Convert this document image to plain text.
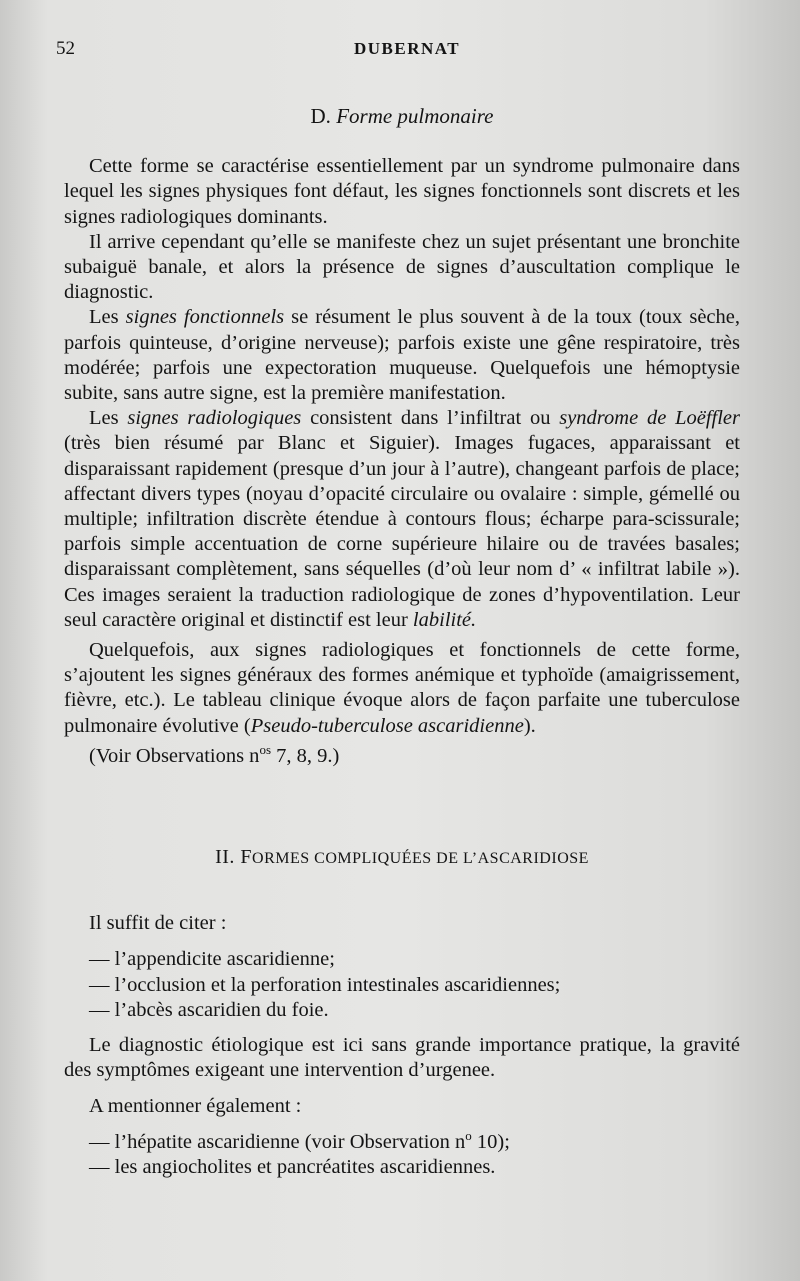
52	DUBERNAT
D. Forme pulmonaire

Cette forme se caractérise essentiellement par un syndrome pulmonaire dans lequel les signes physiques font défaut, les signes fonctionnels sont discrets et les signes radiologiques dominants.

Il arrive cependant qu’elle se manifeste chez un sujet présentant une bronchite subaiguë banale, et alors la présence de signes d’auscultation complique le diagnostic.

Les signes fonctionnels se résument le plus souvent à de la toux (toux sèche, parfois quinteuse, d’origine nerveuse); parfois existe une gêne respiratoire, très modérée; parfois une expectoration muqueuse. Quelquefois une hémoptysie subite, sans autre signe, est la première manifestation.

Les signes radiologiques consistent dans l’infiltrat ou syndrome de Loëffler (très bien résumé par Blanc et Siguier). Images fugaces, apparaissant et disparaissant rapidement (presque d’un jour à l’autre), changeant parfois de place; affectant divers types (noyau d’opacité circulaire ou ovalaire : simple, gémellé ou multiple; infiltration discrète étendue à contours flous; écharpe para-scissurale; parfois simple accentuation de corne supérieure hilaire ou de travées basales; disparaissant complètement, sans séquelles (d’où leur nom d’ « infiltrat labile »). Ces images seraient la traduction radiologique de zones d’hypoventilation. Leur seul caractère original et distinctif est leur labilité.

Quelquefois, aux signes radiologiques et fonctionnels de cette forme, s’ajoutent les signes généraux des formes anémique et typhoïde (amaigrissement, fièvre, etc.). Le tableau clinique évoque alors de façon parfaite une tuberculose pulmonaire évolutive (Pseudo-tuberculose ascaridienne).

(Voir Observations $n^{os}$ 7, 8, 9.)

II. FORMES COMPLIQUÉES DE L’ASCARIDIOSE

Il suffit de citer :

— l’appendicite ascaridienne;
— l’occlusion et la perforation intestinales ascaridiennes;
— l’abcès ascaridien du foie.

Le diagnostic étiologique est ici sans grande importance pratique, la gravité des symptômes exigeant une intervention d’urgenee.

A mentionner également :

— l’hépatite ascaridienne (voir Observation $n^o$ 10);
— les angiocholites et pancréatites ascaridiennes.
